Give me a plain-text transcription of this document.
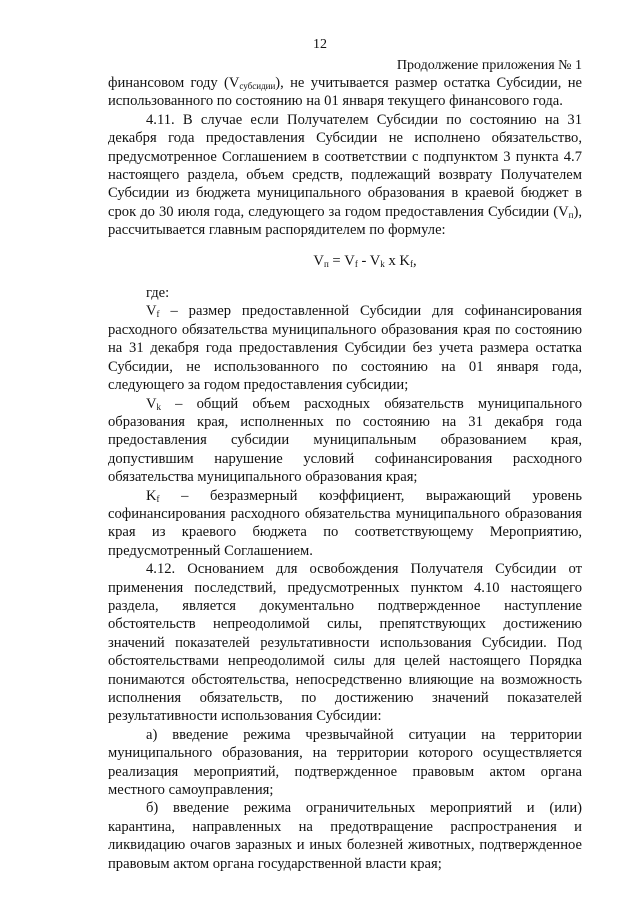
12
Продолжение приложения № 1

финансовом году $(V_{субсидии})$, не учитывается размер остатка Субсидии, не использованного по состоянию на 01 января текущего финансового года.

4.11. В случае если Получателем Субсидии по состоянию на 31 декабря года предоставления Субсидии не исполнено обязательство, предусмотренное Соглашением в соответствии с подпунктом 3 пункта 4.7 настоящего раздела, объем средств, подлежащий возврату Получателем Субсидии из бюджета муниципального образования в краевой бюджет в срок до 30 июля года, следующего за годом предоставления Субсидии $(V_п)$, рассчитывается главным распорядителем по формуле:

$V_п = V_f - V_k$ x $K_f$,

где:

$V_f$ – размер предоставленной Субсидии для софинансирования расходного обязательства муниципального образования края по состоянию на 31 декабря года предоставления Субсидии без учета размера остатка Субсидии, не использованного по состоянию на 01 января года, следующего за годом предоставления субсидии;

$V_k$ – общий объем расходных обязательств муниципального образования края, исполненных по состоянию на 31 декабря года предоставления субсидии муниципальным образованием края, допустившим нарушение условий софинансирования расходного обязательства муниципального образования края;

$K_f$ – безразмерный коэффициент, выражающий уровень софинансирования расходного обязательства муниципального образования края из краевого бюджета по соответствующему Мероприятию, предусмотренный Соглашением.

4.12. Основанием для освобождения Получателя Субсидии от применения последствий, предусмотренных пунктом 4.10 настоящего раздела, является документально подтвержденное наступление обстоятельств непреодолимой силы, препятствующих достижению значений показателей результативности использования Субсидии. Под обстоятельствами непреодолимой силы для целей настоящего Порядка понимаются обстоятельства, непосредственно влияющие на возможность исполнения обязательств, по достижению значений показателей результативности использования Субсидии:

а) введение режима чрезвычайной ситуации на территории муниципального образования, на территории которого осуществляется реализация мероприятий, подтвержденное правовым актом органа местного самоуправления;

б) введение режима ограничительных мероприятий и (или) карантина, направленных на предотвращение распространения и ликвидацию очагов заразных и иных болезней животных, подтвержденное правовым актом органа государственной власти края;
